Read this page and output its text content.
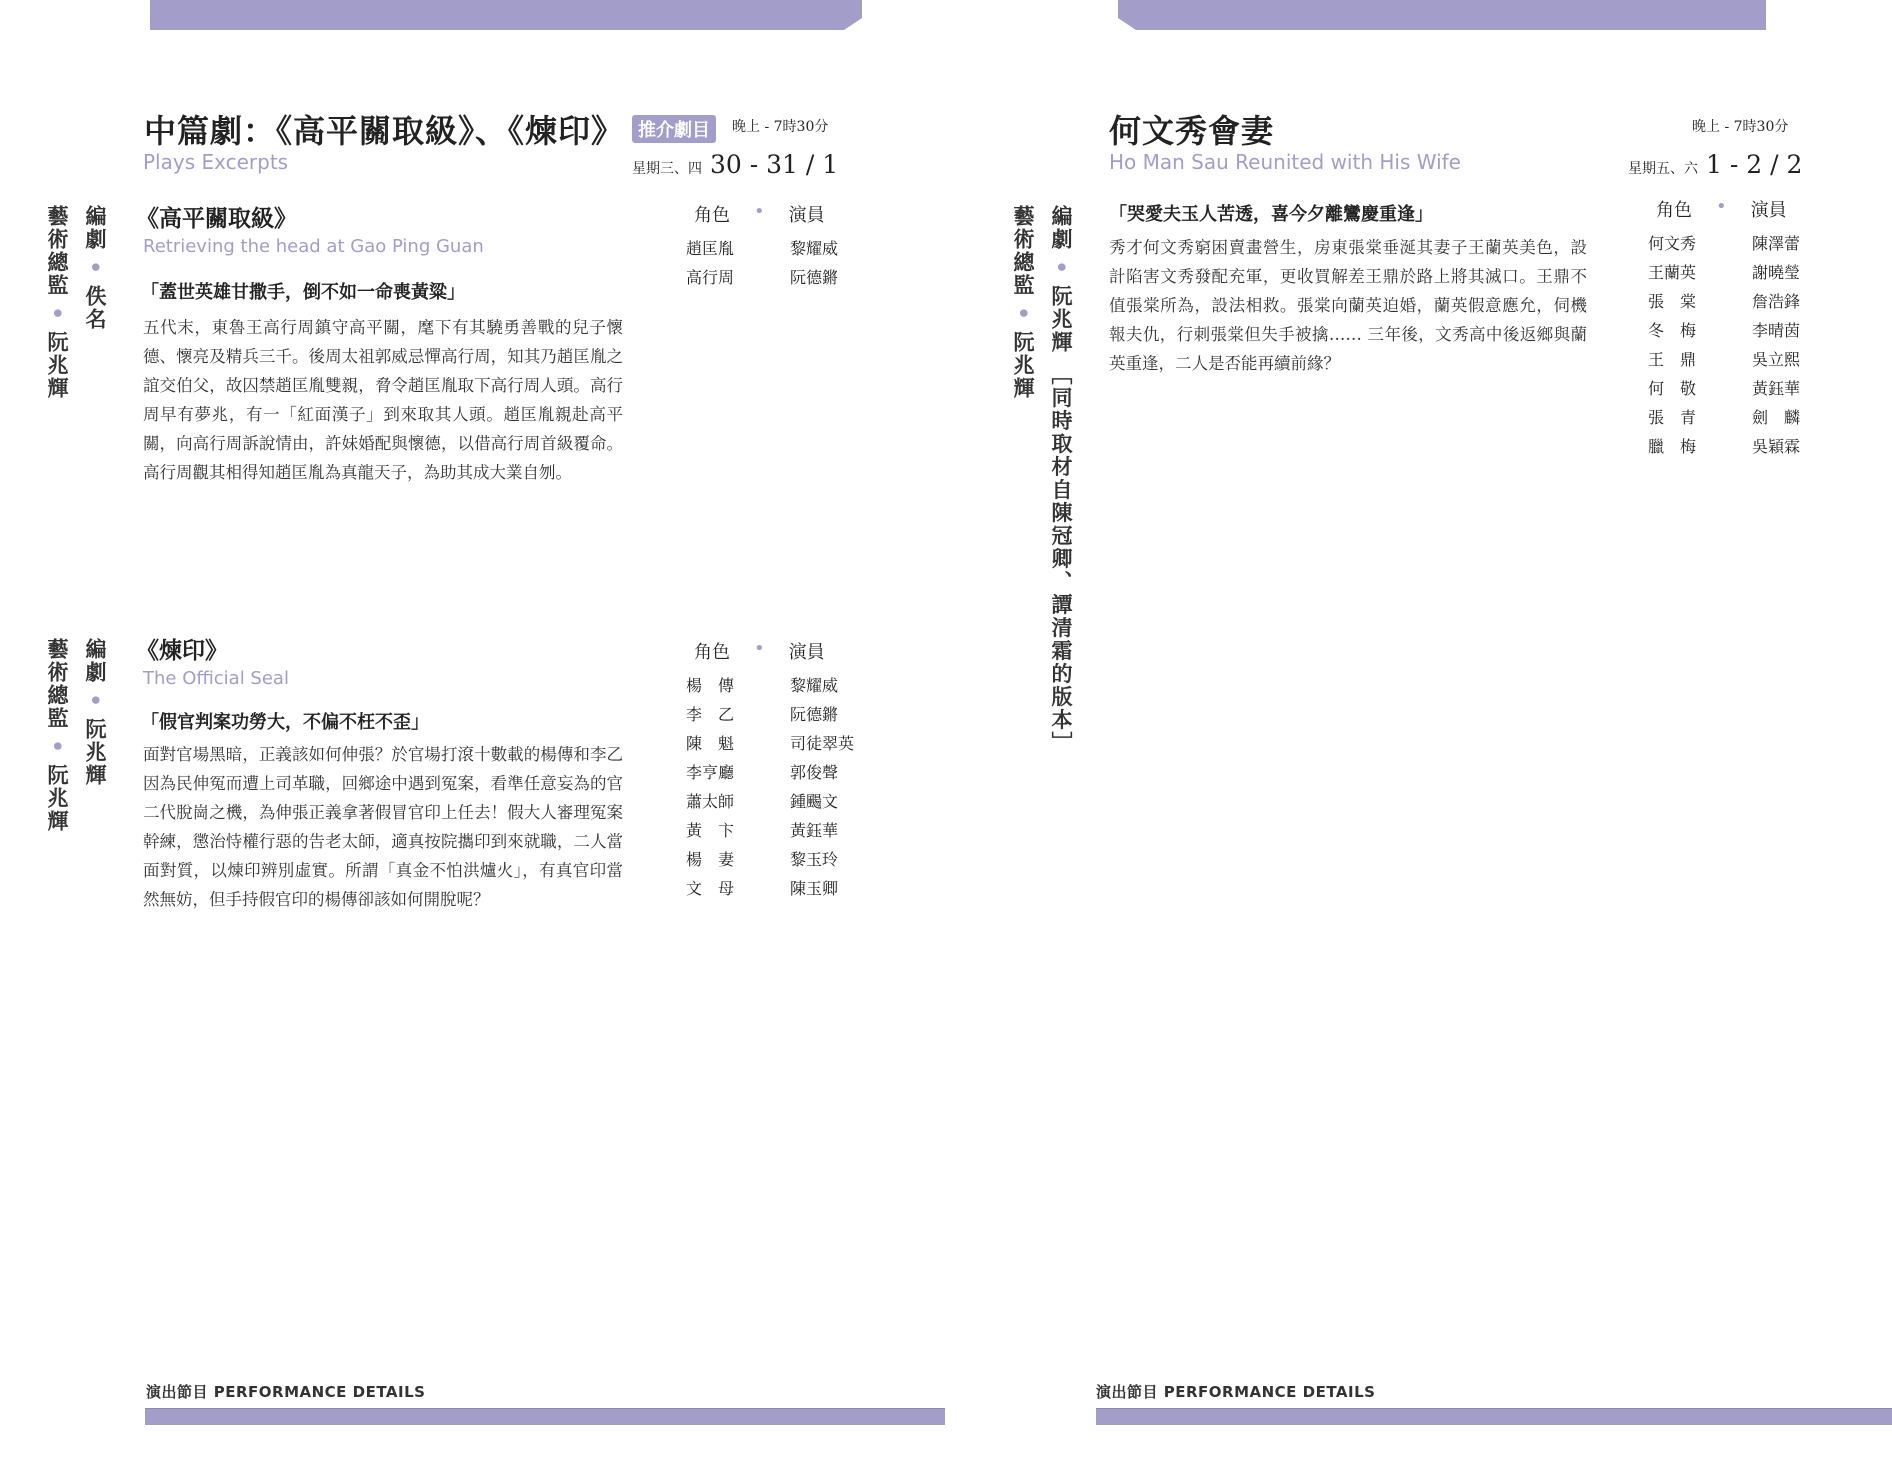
中篇劇：《高平關取級》、《煉印》 推介劇目
Plays Excerpts
晚上 - 7時30分
星期三、四 30 - 31 / 1
編劇 • 佚名
藝術總監 • 阮兆輝
《高平關取級》
Retrieving the head at Gao Ping Guan
「蓋世英雄甘撒手，倒不如一命喪黃粱」
五代末，東魯王高行周鎮守高平關，麾下有其驍勇善戰的兒子懷德、懷亮及精兵三千。後周太祖郭威忌憚高行周，知其乃趙匡胤之誼交伯父，故囚禁趙匡胤雙親，脅令趙匡胤取下高行周人頭。高行周早有夢兆，有一「紅面漢子」到來取其人頭。趙匡胤親赴高平關，向高行周訴說情由，許妹婚配與懷德，以借高行周首級覆命。高行周觀其相得知趙匡胤為真龍天子，為助其成大業自刎。
角色 • 演員
趙匡胤	黎耀威
高行周	阮德鏘
編劇 • 阮兆輝
藝術總監 • 阮兆輝
《煉印》
The Official Seal
「假官判案功勞大，不偏不枉不歪」
面對官場黑暗，正義該如何伸張？於官場打滾十數載的楊傳和李乙因為民伸冤而遭上司革職，回鄉途中遇到冤案，看準任意妄為的官二代脫崗之機，為伸張正義拿著假冒官印上任去！假大人審理冤案幹練，懲治恃權行惡的告老太師，適真按院攜印到來就職，二人當面對質，以煉印辨別虛實。所謂「真金不怕洪爐火」，有真官印當然無妨，但手持假官印的楊傳卻該如何開脫呢？
角色 • 演員
楊　傳	黎耀威
李　乙	阮德鏘
陳　魁	司徒翠英
李亨廳	郭俊聲
蕭太師	鍾颺文
黃　卞	黃鈺華
楊　妻	黎玉玲
文　母	陳玉卿
演出節目 PERFORMANCE DETAILS
何文秀會妻
Ho Man Sau Reunited with His Wife
晚上 - 7時30分
星期五、六 1 - 2 / 2
編劇 • 阮兆輝 ［同時取材自陳冠卿、譚清霜的版本］
藝術總監 • 阮兆輝
「哭愛夫玉人苦透，喜今夕離鸞慶重逢」
秀才何文秀窮困賣畫營生，房東張棠垂涎其妻子王蘭英美色，設計陷害文秀發配充軍，更收買解差王鼎於路上將其滅口。王鼎不值張棠所為，設法相救。張棠向蘭英迫婚，蘭英假意應允，伺機報夫仇，行刺張棠但失手被擒…… 三年後，文秀高中後返鄉與蘭英重逢，二人是否能再續前緣？
角色 • 演員
何文秀	陳澤蕾
王蘭英	謝曉瑩
張　棠	詹浩鋒
冬　梅	李晴茵
王　鼎	吳立熙
何　敬	黃鈺華
張　青	劍　麟
臘　梅	吳穎霖
演出節目 PERFORMANCE DETAILS
